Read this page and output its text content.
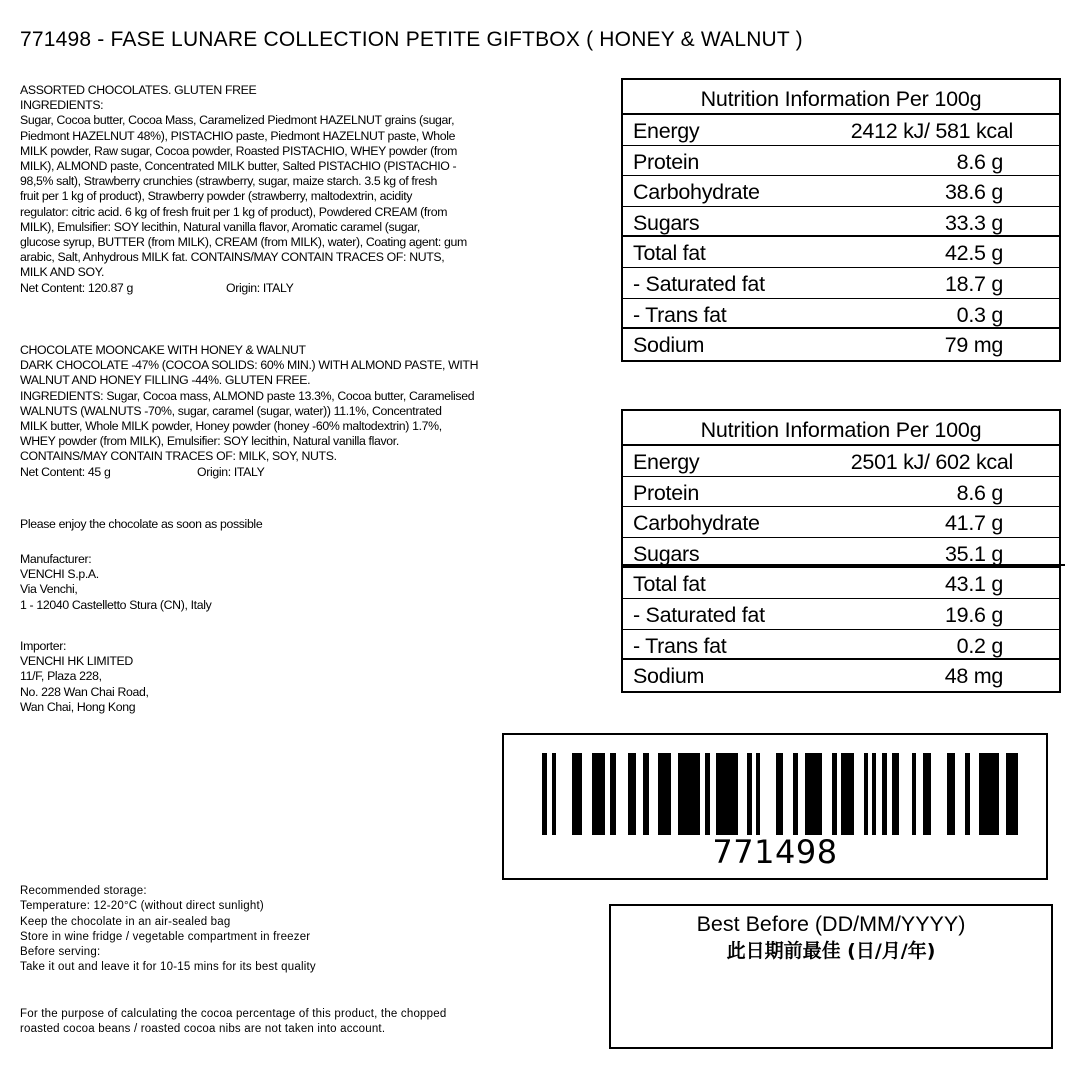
771498 - FASE LUNARE COLLECTION PETITE GIFTBOX ( HONEY & WALNUT )

ASSORTED CHOCOLATES. GLUTEN FREE

INGREDIENTS:

Sugar, Cocoa butter, Cocoa Mass, Caramelized Piedmont HAZELNUT grains (sugar,

Piedmont HAZELNUT 48%), PISTACHIO paste, Piedmont HAZELNUT paste, Whole

MILK powder, Raw sugar, Cocoa powder, Roasted PISTACHIO, WHEY powder (from

MILK), ALMOND paste, Concentrated MILK butter, Salted PISTACHIO (PISTACHIO -

98,5% salt), Strawberry crunchies (strawberry, sugar, maize starch. 3.5 kg of fresh

fruit per 1 kg of product), Strawberry powder (strawberry, maltodextrin, acidity

regulator: citric acid. 6 kg of fresh fruit per 1 kg of product), Powdered CREAM (from

MILK), Emulsifier: SOY lecithin, Natural vanilla flavor, Aromatic caramel (sugar,

glucose syrup, BUTTER (from MILK), CREAM (from MILK), water), Coating agent: gum

arabic, Salt, Anhydrous MILK fat. CONTAINS/MAY CONTAIN TRACES OF: NUTS,

MILK AND SOY.

Net Content: 120.87 g	Origin: ITALY

CHOCOLATE MOONCAKE WITH HONEY & WALNUT

DARK CHOCOLATE -47% (COCOA SOLIDS: 60% MIN.) WITH ALMOND PASTE, WITH

WALNUT AND HONEY FILLING -44%. GLUTEN FREE.

INGREDIENTS: Sugar, Cocoa mass, ALMOND paste 13.3%, Cocoa butter, Caramelised

WALNUTS (WALNUTS -70%, sugar, caramel (sugar, water)) 11.1%, Concentrated

MILK butter, Whole MILK powder, Honey powder (honey -60% maltodextrin) 1.7%,

WHEY powder (from MILK), Emulsifier: SOY lecithin, Natural vanilla flavor.

CONTAINS/MAY CONTAIN TRACES OF: MILK, SOY, NUTS.

Net Content: 45 g	Origin: ITALY

Please enjoy the chocolate as soon as possible

Manufacturer:

VENCHI S.p.A.

Via Venchi,

1 - 12040 Castelletto Stura (CN), Italy

Importer:

VENCHI HK LIMITED

11/F, Plaza 228,

No. 228 Wan Chai Road,

Wan Chai, Hong Kong

Nutrition Information Per 100g
Energy	2412 kJ/ 581 kcal
Protein	8.6 g
Carbohydrate	38.6 g
Sugars	33.3 g
Total fat	42.5 g
- Saturated fat	18.7 g
- Trans fat	0.3 g
Sodium	79 mg
Nutrition Information Per 100g
Energy	2501 kJ/ 602 kcal
Protein	8.6 g
Carbohydrate	41.7 g
Sugars	35.1 g
Total fat	43.1 g
- Saturated fat	19.6 g
- Trans fat	0.2 g
Sodium	48 mg
771498
Best Before (DD/MM/YYYY)
此日期前最佳 (日/月/年)

Recommended storage:

Temperature: 12-20°C (without direct sunlight)

Keep the chocolate in an air-sealed bag

Store in wine fridge / vegetable compartment in freezer

Before serving:

Take it out and leave it for 10-15 mins for its best quality

For the purpose of calculating the cocoa percentage of this product, the chopped

roasted cocoa beans / roasted cocoa nibs are not taken into account.
